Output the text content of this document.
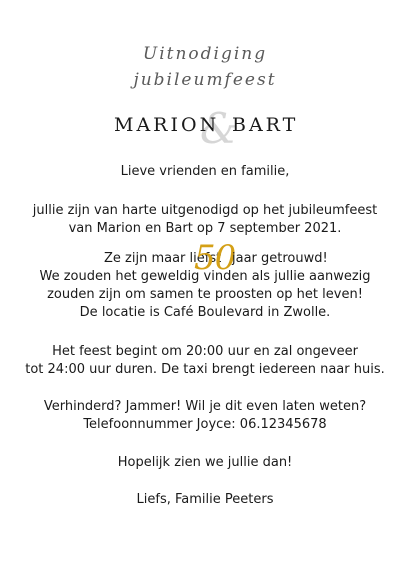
Uitnodiging
jubileumfeest
&
MARION BART
Lieve vrienden en familie,
jullie zijn van harte uitgenodigd op het jubileumfeest
van Marion en Bart op 7 september 2021.
Ze zijn maar liefst
50
jaar getrouwd!
We zouden het geweldig vinden als jullie aanwezig
zouden zijn om samen te proosten op het leven!
De locatie is Café Boulevard in Zwolle.
Het feest begint om 20:00 uur en zal ongeveer
tot 24:00 uur duren. De taxi brengt iedereen naar huis.
Verhinderd? Jammer! Wil je dit even laten weten?
Telefoonnummer Joyce: 06.12345678
Hopelijk zien we jullie dan!
Liefs, Familie Peeters
